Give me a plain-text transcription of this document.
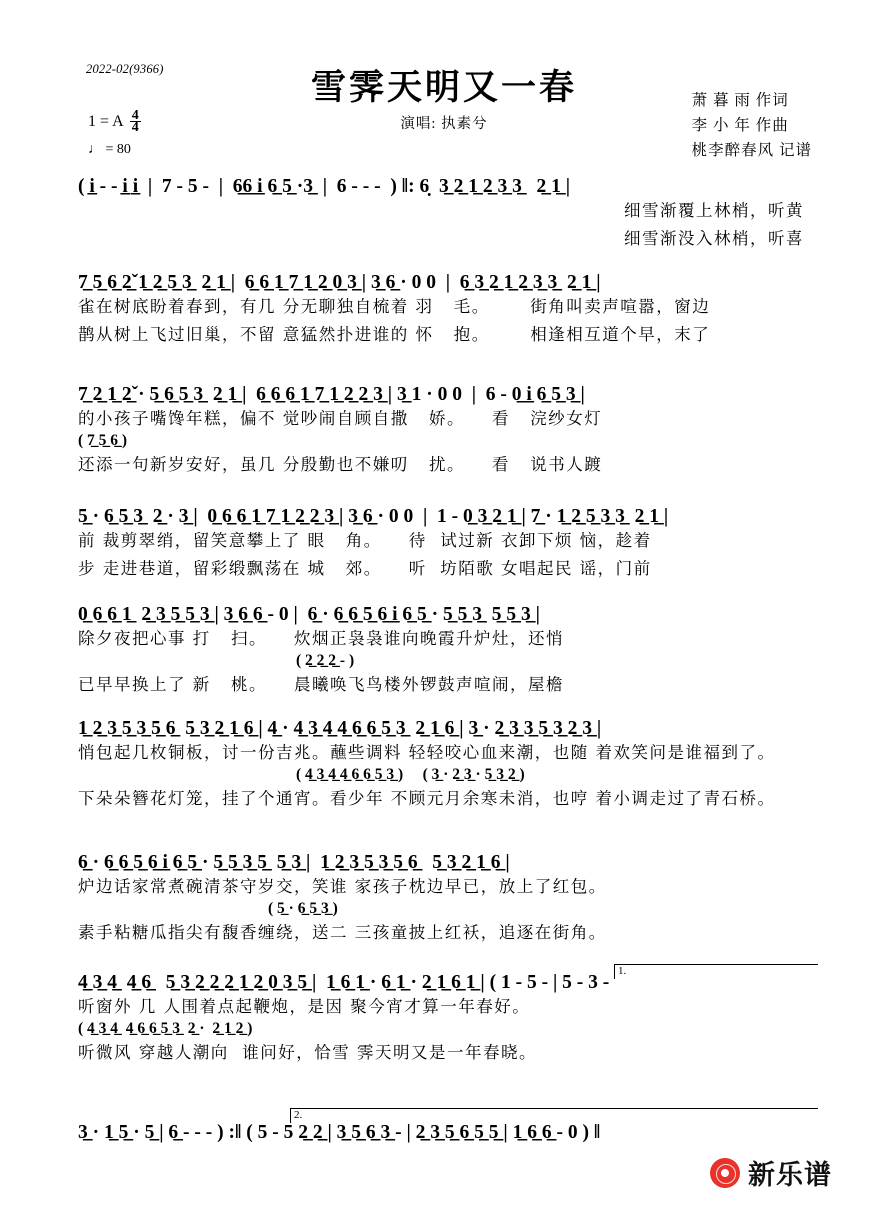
2022-02(9366)	雪霁天明又一春
演唱: 执素兮
萧 暮 雨 作词
李 小 年 作曲
桃李醉春风 记谱
1 = A $\frac{4}{4}$
♩ = 80
( i̲ - - i̲ i̲  |  7 - 5 -  |  6̲6̲ i̲ 6̲ 5̲ ·3̲  |  6 - - -  ) ‖: 6̣  3̲ 2̲ 1̲ 2̲ 3̲ 3̲   2̲ 1̲ |
细雪渐覆上林梢，听黄
细雪渐没入林梢，听喜
7̲ 5̲ 6̲ 2̲ˇ1̲ 2̲ 5̲ 3̲  2̲ 1̲ |  6̲ 6̲ 1̲ 7̲ 1̲ 2̲ 0̲ 3̲ | 3̲ 6̲ · 0 0  |  6̲ 3̲ 2̲ 1̲ 2̲ 3̲ 3̲  2̲ 1̲ |
雀在树底盼着春到，有几 分无聊独自梳着 羽   毛。      街角叫卖声喧嚣，窗边
鹊从树上飞过旧巢，不留 意猛然扑进谁的 怀   抱。      相逢相互道个早，末了
7̲ 2̲ 1̲ 2̲ˇ· 5̲ 6̲ 5̲ 3̲  2̲ 1̲ |  6̲ 6̲ 6̲ 1̲ 7̲ 1̲ 2̲ 2̲ 3̲ | 3̲ 1 · 0 0  |  6 - 0̲ i̲ 6̲ 5̲ 3̲ |
的小孩子嘴馋年糕，偏不 觉吵闹自顾自撒   娇。    看   浣纱女灯
( 7̲ 5̲ 6̲ )
还添一句新岁安好，虽几 分殷勤也不嫌叨   扰。    看   说书人踱
5̲ · 6̲ 5̲ 3̲  2̲ · 3̲ |  0̲ 6̲ 6̲ 1̲ 7̲ 1̲ 2̲ 2̲ 3̲ | 3̲ 6̲ · 0 0  |  1 - 0̲ 3̲ 2̲ 1̲ | 7̲ · 1̲ 2̲ 5̲ 3̲ 3̲  2̲ 1̲ |
前 裁剪翠绡，留笑意攀上了 眼   角。    待  试过新 衣卸下烦 恼，趁着
步 走进巷道，留彩缎飘荡在 城   郊。    听  坊陌歌 女唱起民 谣，门前
0̲ 6̲ 6̲ 1̲  2̲ 3̲ 5̲ 5̲ 3̲ | 3̲ 6̲ 6̲ - 0 |  6̲ · 6̲ 6̲ 5̲ 6̲ i̲ 6̲ 5̲ · 5̲ 5̲ 3̲  5̲ 5̲ 3̲ |
除夕夜把心事 打   扫。    炊烟正袅袅谁向晚霞升炉灶，还悄
( 2̲ 2̲ 2̲ - )
已早早换上了 新   桃。    晨曦唤飞鸟楼外锣鼓声喧闹，屋檐
1̲ 2̲ 3̲ 5̲ 3̲ 5̲ 6̲  5̲ 3̲ 2̲ 1̲ 6̲ | 4̲ · 4̲ 3̲ 4̲ 4̲ 6̲ 6̲ 5̲ 3̲  2̲ 1̲ 6̲ | 3̲ · 2̲ 3̲ 3̲ 5̲ 3̲ 2̲ 3̲ |
悄包起几枚铜板，讨一份吉兆。蘸些调料 轻轻咬心血来潮，也随 着欢笑问是谁福到了。
( 4̲ 3̲ 4̲ 4̲ 6̲ 6̲ 5̲ 3̲ )     ( 3̲ · 2̲ 3̲ · 5̲ 3̲ 2̲ )
下朵朵簪花灯笼，挂了个通宵。看少年 不顾元月余寒未消，也哼 着小调走过了青石桥。
6̲ · 6̲ 6̲ 5̲ 6̲ i̲ 6̲ 5̲ · 5̲ 5̲ 3̲ 5̲  5̲ 3̲ |  1̲ 2̲ 3̲ 5̲ 3̲ 5̲ 6̲   5̲ 3̲ 2̲ 1̲ 6̲ |
炉边话家常煮碗清茶守岁交，笑谁 家孩子枕边早已，放上了红包。
( 5̲ · 6̲ 5̲ 3̲ )
素手粘糖瓜指尖有馥香缠绕，送二 三孩童披上红袄，追逐在街角。
4̲ 3̲ 4̲  4̲ 6̲   5̲ 3̲ 2̲ 2̲ 2̲ 1̲ 2̲ 0̲ 3̲ 5̲ |  1̲ 6̲ 1̲ · 6̲ 1̲ · 2̲ 1̲ 6̲ 1̲ | ( 1 - 5 - | 5 - 3 -
听窗外 几 人围着点起鞭炮，是因 聚今宵才算一年春好。
( 4̲ 3̲ 4̲  4̲ 6̲ 6̲ 5̲ 3̲  2̲ ·  2̲ 1̲ 2̲ )
听微风 穿越人潮向  谁问好，恰雪 霁天明又是一年春晓。
1.
3̲ · 1̲ 5̲ · 5̲ | 6̲ - - - ) :‖ ( 5 - 5 2̲ 2̲ | 3̲ 5̲ 6̲ 3̲ - | 2̲ 3̲ 5̲ 6̲ 5̲ 5̲ | 1̲ 6̲ 6̲ - 0 ) ‖
2.
新乐谱
